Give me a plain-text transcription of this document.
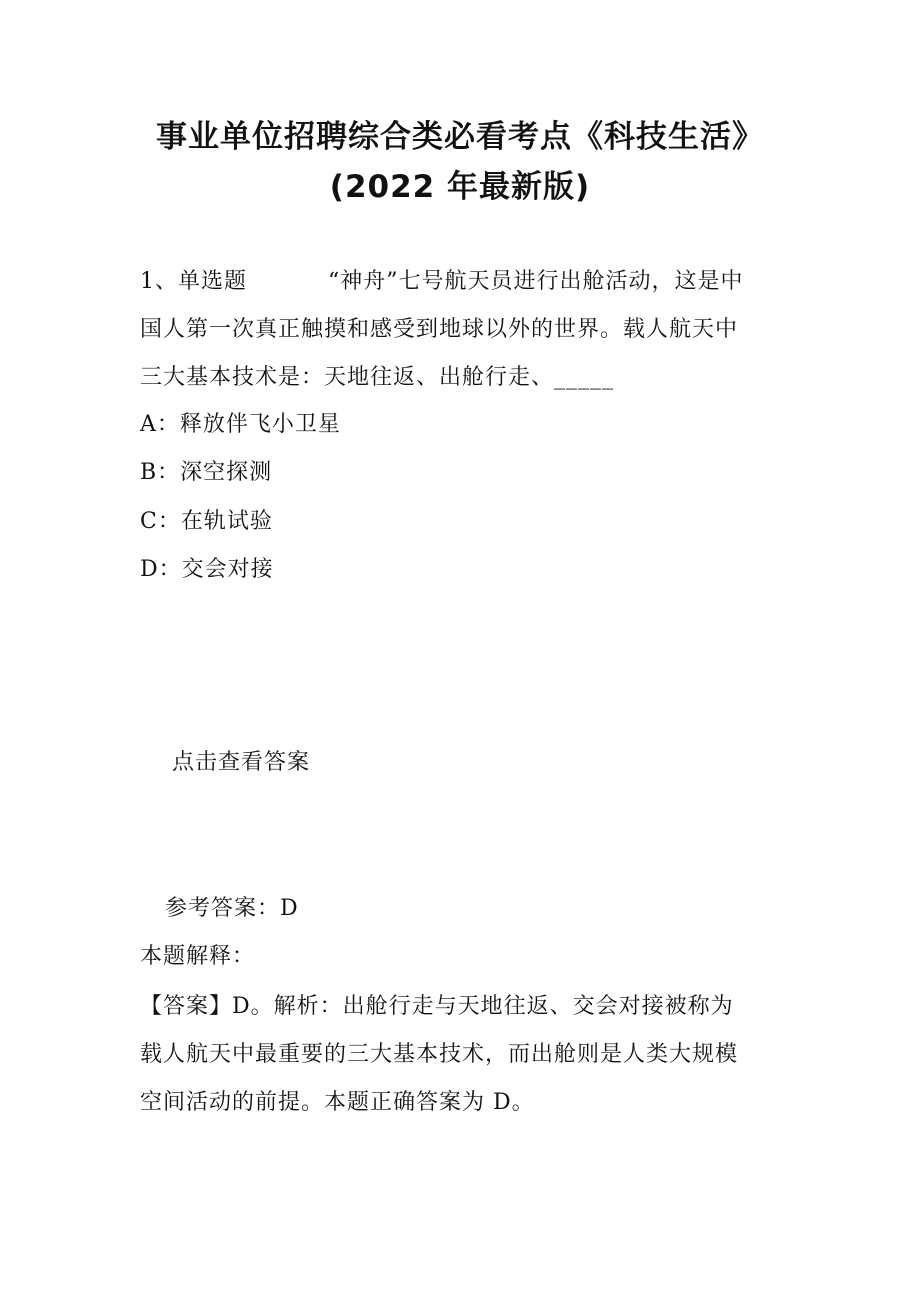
事业单位招聘综合类必看考点《科技生活》
(2022 年最新版)
1、单选题	“神舟”七号航天员进行出舱活动，这是中
国人第一次真正触摸和感受到地球以外的世界。载人航天中
三大基本技术是：天地往返、出舱行走、_____
A：释放伴飞小卫星
B：深空探测
C：在轨试验
D：交会对接
点击查看答案
参考答案：D
本题解释：
【答案】D。解析：出舱行走与天地往返、交会对接被称为
载人航天中最重要的三大基本技术，而出舱则是人类大规模
空间活动的前提。本题正确答案为 D。
